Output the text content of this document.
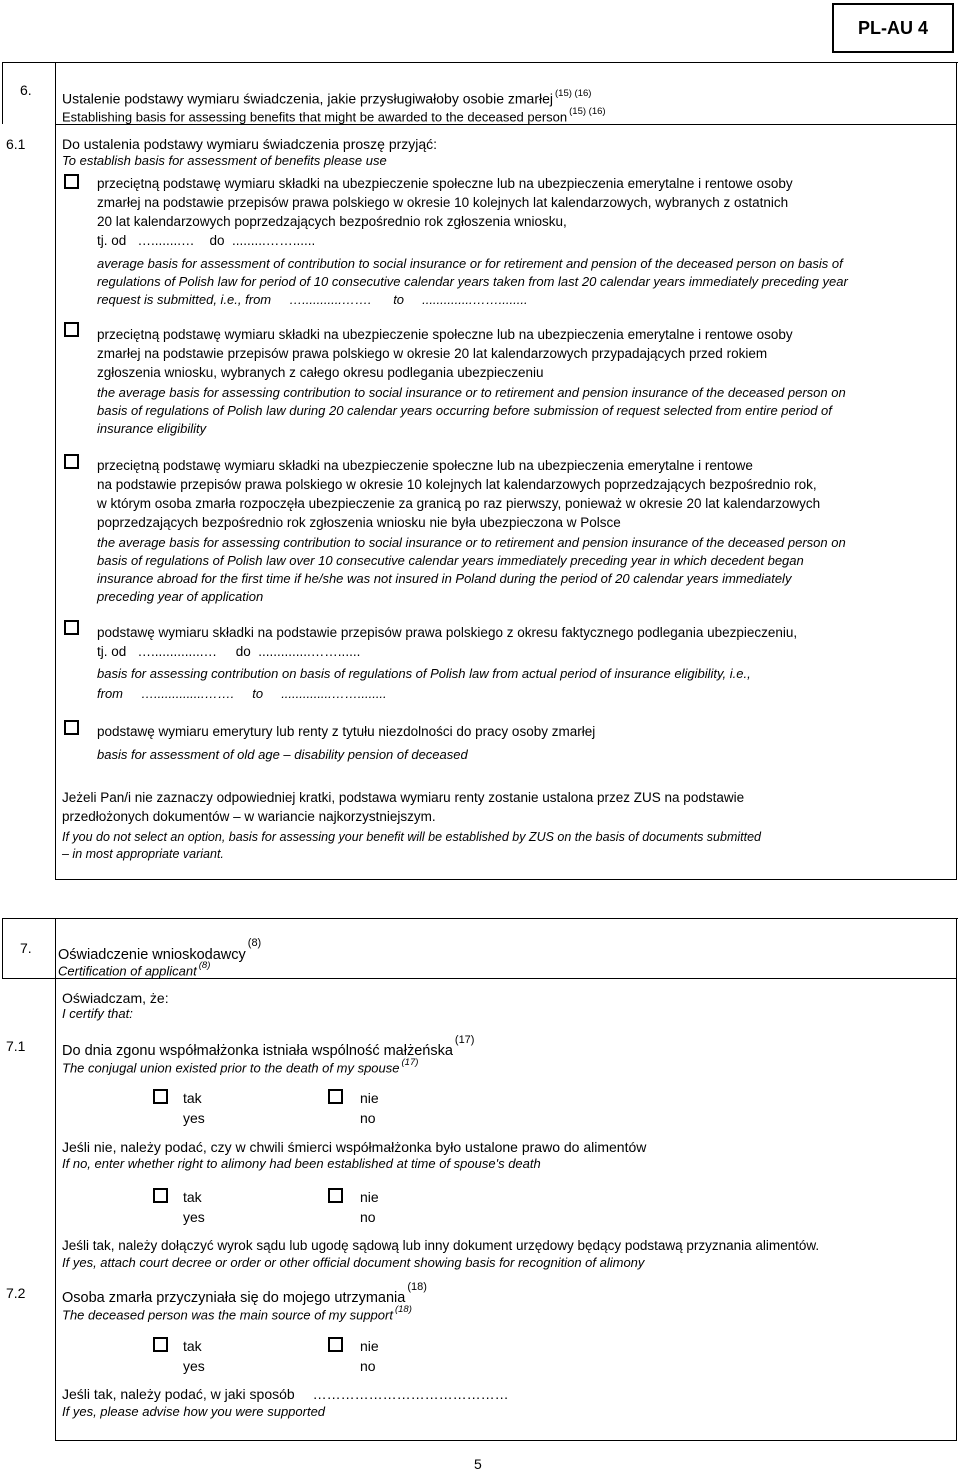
PL-AU 4
6.
Ustalenie podstawy wymiaru świadczenia, jakie przysługiwałoby osobie zmarłej $^{(15) (16)}$
Establishing basis for assessing benefits that might be awarded to the deceased person $^{(15) (16)}$
6.1	Do ustalenia podstawy wymiaru świadczenia proszę przyjąć:
To establish basis for assessment of benefits please use
przeciętną podstawę wymiaru składki na ubezpieczenie społeczne lub na ubezpieczenia emerytalne i rentowe osoby
zmarłej na podstawie przepisów prawa polskiego w okresie 10 kolejnych lat kalendarzowych, wybranych z ostatnich
20 lat kalendarzowych poprzedzających bezpośrednio rok zgłoszenia wniosku,
tj. od   …........…    do  .........……......
average basis for assessment of contribution to social insurance or for retirement and pension of the deceased person on basis of
regulations of Polish law for period of 10 consecutive calendar years taken from last 20 calendar years immediately preceding year
request is submitted, i.e., from     …...........…….      to     ..............……........
przeciętną podstawę wymiaru składki na ubezpieczenie społeczne lub na ubezpieczenia emerytalne i rentowe osoby
zmarłej na podstawie przepisów prawa polskiego w okresie 20 lat kalendarzowych przypadających przed rokiem
zgłoszenia wniosku, wybranych z całego okresu podlegania ubezpieczeniu
the average basis for assessing contribution to social insurance or to retirement and pension insurance of the deceased person on
basis of regulations of Polish law during 20 calendar years occurring before submission of request selected from entire period of
insurance eligibility
przeciętną podstawę wymiaru składki na ubezpieczenie społeczne lub na ubezpieczenia emerytalne i rentowe
na podstawie przepisów prawa polskiego w okresie 10 kolejnych lat kalendarzowych poprzedzających bezpośrednio rok,
w którym osoba zmarła rozpoczęła ubezpieczenie za granicą po raz pierwszy, ponieważ w okresie 20 lat kalendarzowych
poprzedzających bezpośrednio rok zgłoszenia wniosku nie była ubezpieczona w Polsce
the average basis for assessing contribution to social insurance or to retirement and pension insurance of the deceased person on
basis of regulations of Polish law over 10 consecutive calendar years immediately preceding year in which decedent began
insurance abroad for the first time if he/she was not insured in Poland during the period of 20 calendar years immediately
preceding year of application
podstawę wymiaru składki na podstawie przepisów prawa polskiego z okresu faktycznego podlegania ubezpieczeniu,
tj. od   …..............…     do  ..............……......
basis for assessing contribution on basis of regulations of Polish law from actual period of insurance eligibility, i.e.,
from     …..............…….     to     ..............……........
podstawę wymiaru emerytury lub renty z tytułu niezdolności do pracy osoby zmarłej
basis for assessment of old age – disability pension of deceased
Jeżeli Pan/i nie zaznaczy odpowiedniej kratki, podstawa wymiaru renty zostanie ustalona przez ZUS na podstawie
przedłożonych dokumentów – w wariancie najkorzystniejszym.
If you do not select an option, basis for assessing your benefit will be established by ZUS on the basis of documents submitted
– in most appropriate variant.
7. Oświadczenie wnioskodawcy$^{(8)}$
Certification of applicant $^{(8)}$
Oświadczam, że:
I certify that:
7.1	Do dnia zgonu współmałżonka istniała wspólność małżeńska$^{(17)}$
The conjugal union existed prior to the death of my spouse $^{(17)}$
tak
yes
nie
no
Jeśli nie, należy podać, czy w chwili śmierci współmałżonka było ustalone prawo do alimentów
If no, enter whether right to alimony had been established at time of spouse's death
tak
yes
nie
no
Jeśli tak, należy dołączyć wyrok sądu lub ugodę sądową lub inny dokument urzędowy będący podstawą przyznania alimentów.
If yes, attach court decree or order or other official document showing basis for recognition of alimony
7.2	Osoba zmarła przyczyniała się do mojego utrzymania$^{(18)}$
The deceased person was the main source of my support $^{(18)}$
tak
yes
nie
no
Jeśli tak, należy podać, w jaki sposób ……………………………………
If yes, please advise how you were supported
5
